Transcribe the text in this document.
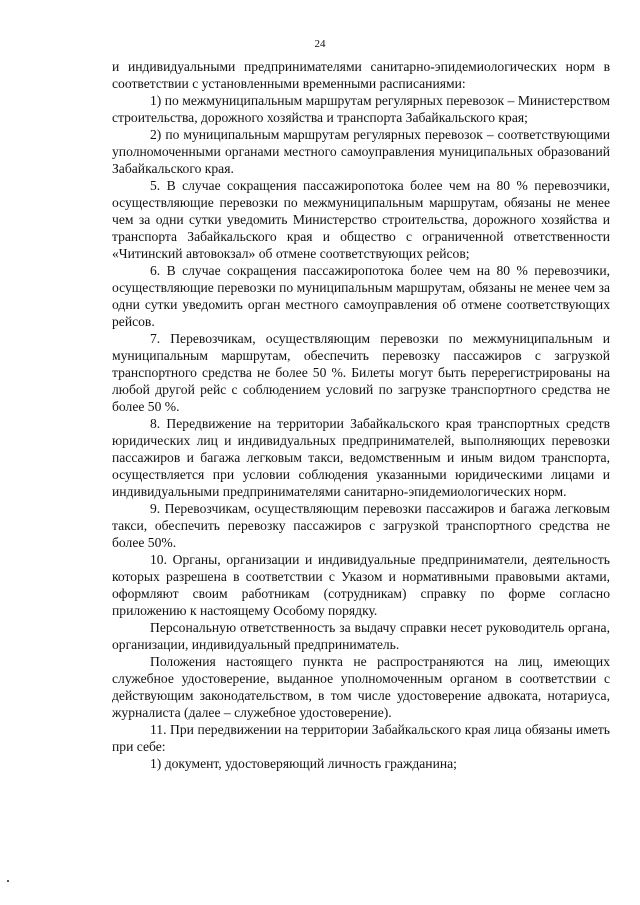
24

и индивидуальными предпринимателями санитарно-эпидемиологических норм в соответствии с установленными временными расписаниями:

1) по межмуниципальным маршрутам регулярных перевозок – Министерством строительства, дорожного хозяйства и транспорта Забайкальского края;

2) по муниципальным маршрутам регулярных перевозок – соответствующими уполномоченными органами местного самоуправления муниципальных образований Забайкальского края.

5. В случае сокращения пассажиропотока более чем на 80 % перевозчики, осуществляющие перевозки по межмуниципальным маршрутам, обязаны не менее чем за одни сутки уведомить Министерство строительства, дорожного хозяйства и транспорта Забайкальского края и общество с ограниченной ответственности «Читинский автовокзал» об отмене соответствующих рейсов;

6. В случае сокращения пассажиропотока более чем на 80 % перевозчики, осуществляющие перевозки по муниципальным маршрутам, обязаны не менее чем за одни сутки уведомить орган местного самоуправления об отмене соответствующих рейсов.

7. Перевозчикам, осуществляющим перевозки по межмуниципальным и муниципальным маршрутам, обеспечить перевозку пассажиров с загрузкой транспортного средства не более 50 %. Билеты могут быть перерегистрированы на любой другой рейс с соблюдением условий по загрузке транспортного средства не более 50 %.

8. Передвижение на территории Забайкальского края транспортных средств юридических лиц и индивидуальных предпринимателей, выполняющих перевозки пассажиров и багажа легковым такси, ведомственным и иным видом транспорта, осуществляется при условии соблюдения указанными юридическими лицами и индивидуальными предпринимателями санитарно-эпидемиологических норм.

9. Перевозчикам, осуществляющим перевозки пассажиров и багажа легковым такси, обеспечить перевозку пассажиров с загрузкой транспортного средства не более 50%.

10. Органы, организации и индивидуальные предприниматели, деятельность которых разрешена в соответствии с Указом и нормативными правовыми актами, оформляют своим работникам (сотрудникам) справку по форме согласно приложению к настоящему Особому порядку.

Персональную ответственность за выдачу справки несет руководитель органа, организации, индивидуальный предприниматель.

Положения настоящего пункта не распространяются на лиц, имеющих служебное удостоверение, выданное уполномоченным органом в соответствии с действующим законодательством, в том числе удостоверение адвоката, нотариуса, журналиста (далее – служебное удостоверение).

11. При передвижении на территории Забайкальского края лица обязаны иметь при себе:

1) документ, удостоверяющий личность гражданина;
